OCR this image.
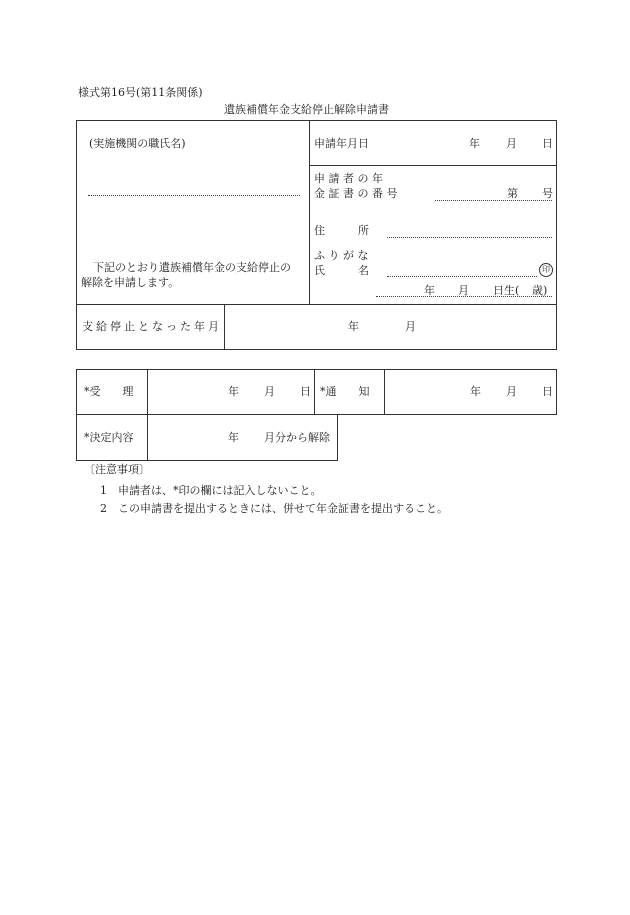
様式第16号(第11条関係)
遺族補償年金支給停止解除申請書
(実施機関の職氏名)
下記のとおり遺族補償年金の支給停止の
解除を申請します。
申請年月日	年 月 日
申 請 者 の 年
金 証 書 の 番 号	第 号
住　　　所
ふ り が な
氏　　　名	印
年 月 日生( 歳)
支給停止となった年月	年	月
*受　　理	年 月 日 *通　　知	年 月 日
*決定内容	年 月分から解除
〔注意事項〕
1 申請者は、*印の欄には記入しないこと。
2 この申請書を提出するときには、併せて年金証書を提出すること。
